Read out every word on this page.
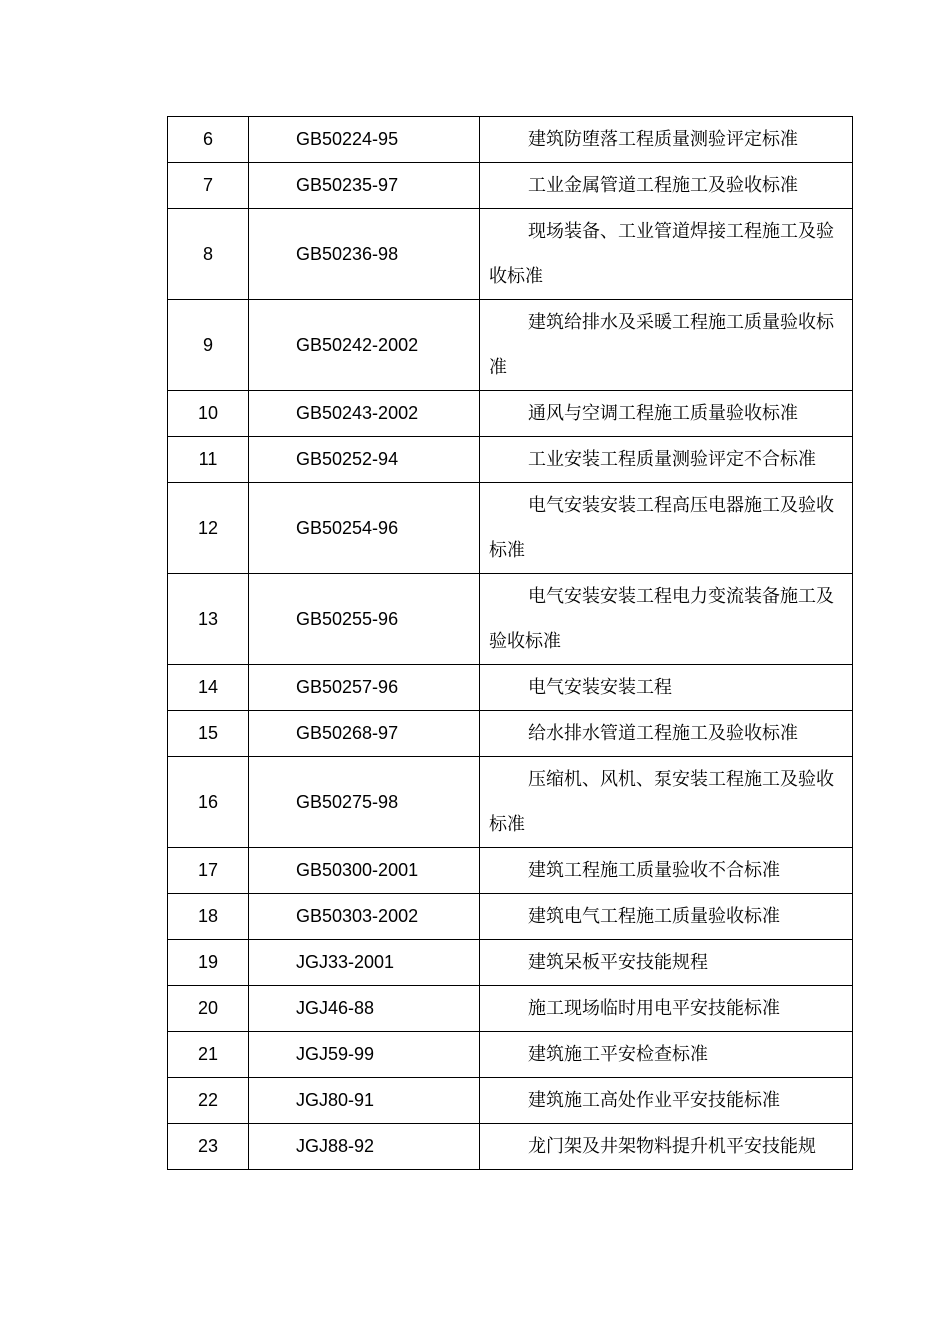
6	GB50224-95	建筑防堕落工程质量测验评定标准

7	GB50235-97	工业金属管道工程施工及验收标准

8	GB50236-98	现场装备、工业管道焊接工程施工及验收标准

9	GB50242-2002	建筑给排水及采暖工程施工质量验收标准

10	GB50243-2002	通风与空调工程施工质量验收标准

11	GB50252-94	工业安装工程质量测验评定不合标准

12	GB50254-96	电气安装安装工程高压电器施工及验收标准

13	GB50255-96	电气安装安装工程电力变流装备施工及验收标准

14	GB50257-96	电气安装安装工程

15	GB50268-97	给水排水管道工程施工及验收标准

16	GB50275-98	压缩机、风机、泵安装工程施工及验收标准

17	GB50300-2001	建筑工程施工质量验收不合标准

18	GB50303-2002	建筑电气工程施工质量验收标准

19	JGJ33-2001	建筑呆板平安技能规程

20	JGJ46-88	施工现场临时用电平安技能标准

21	JGJ59-99	建筑施工平安检查标准

22	JGJ80-91	建筑施工高处作业平安技能标准

23	JGJ88-92	龙门架及井架物料提升机平安技能规
